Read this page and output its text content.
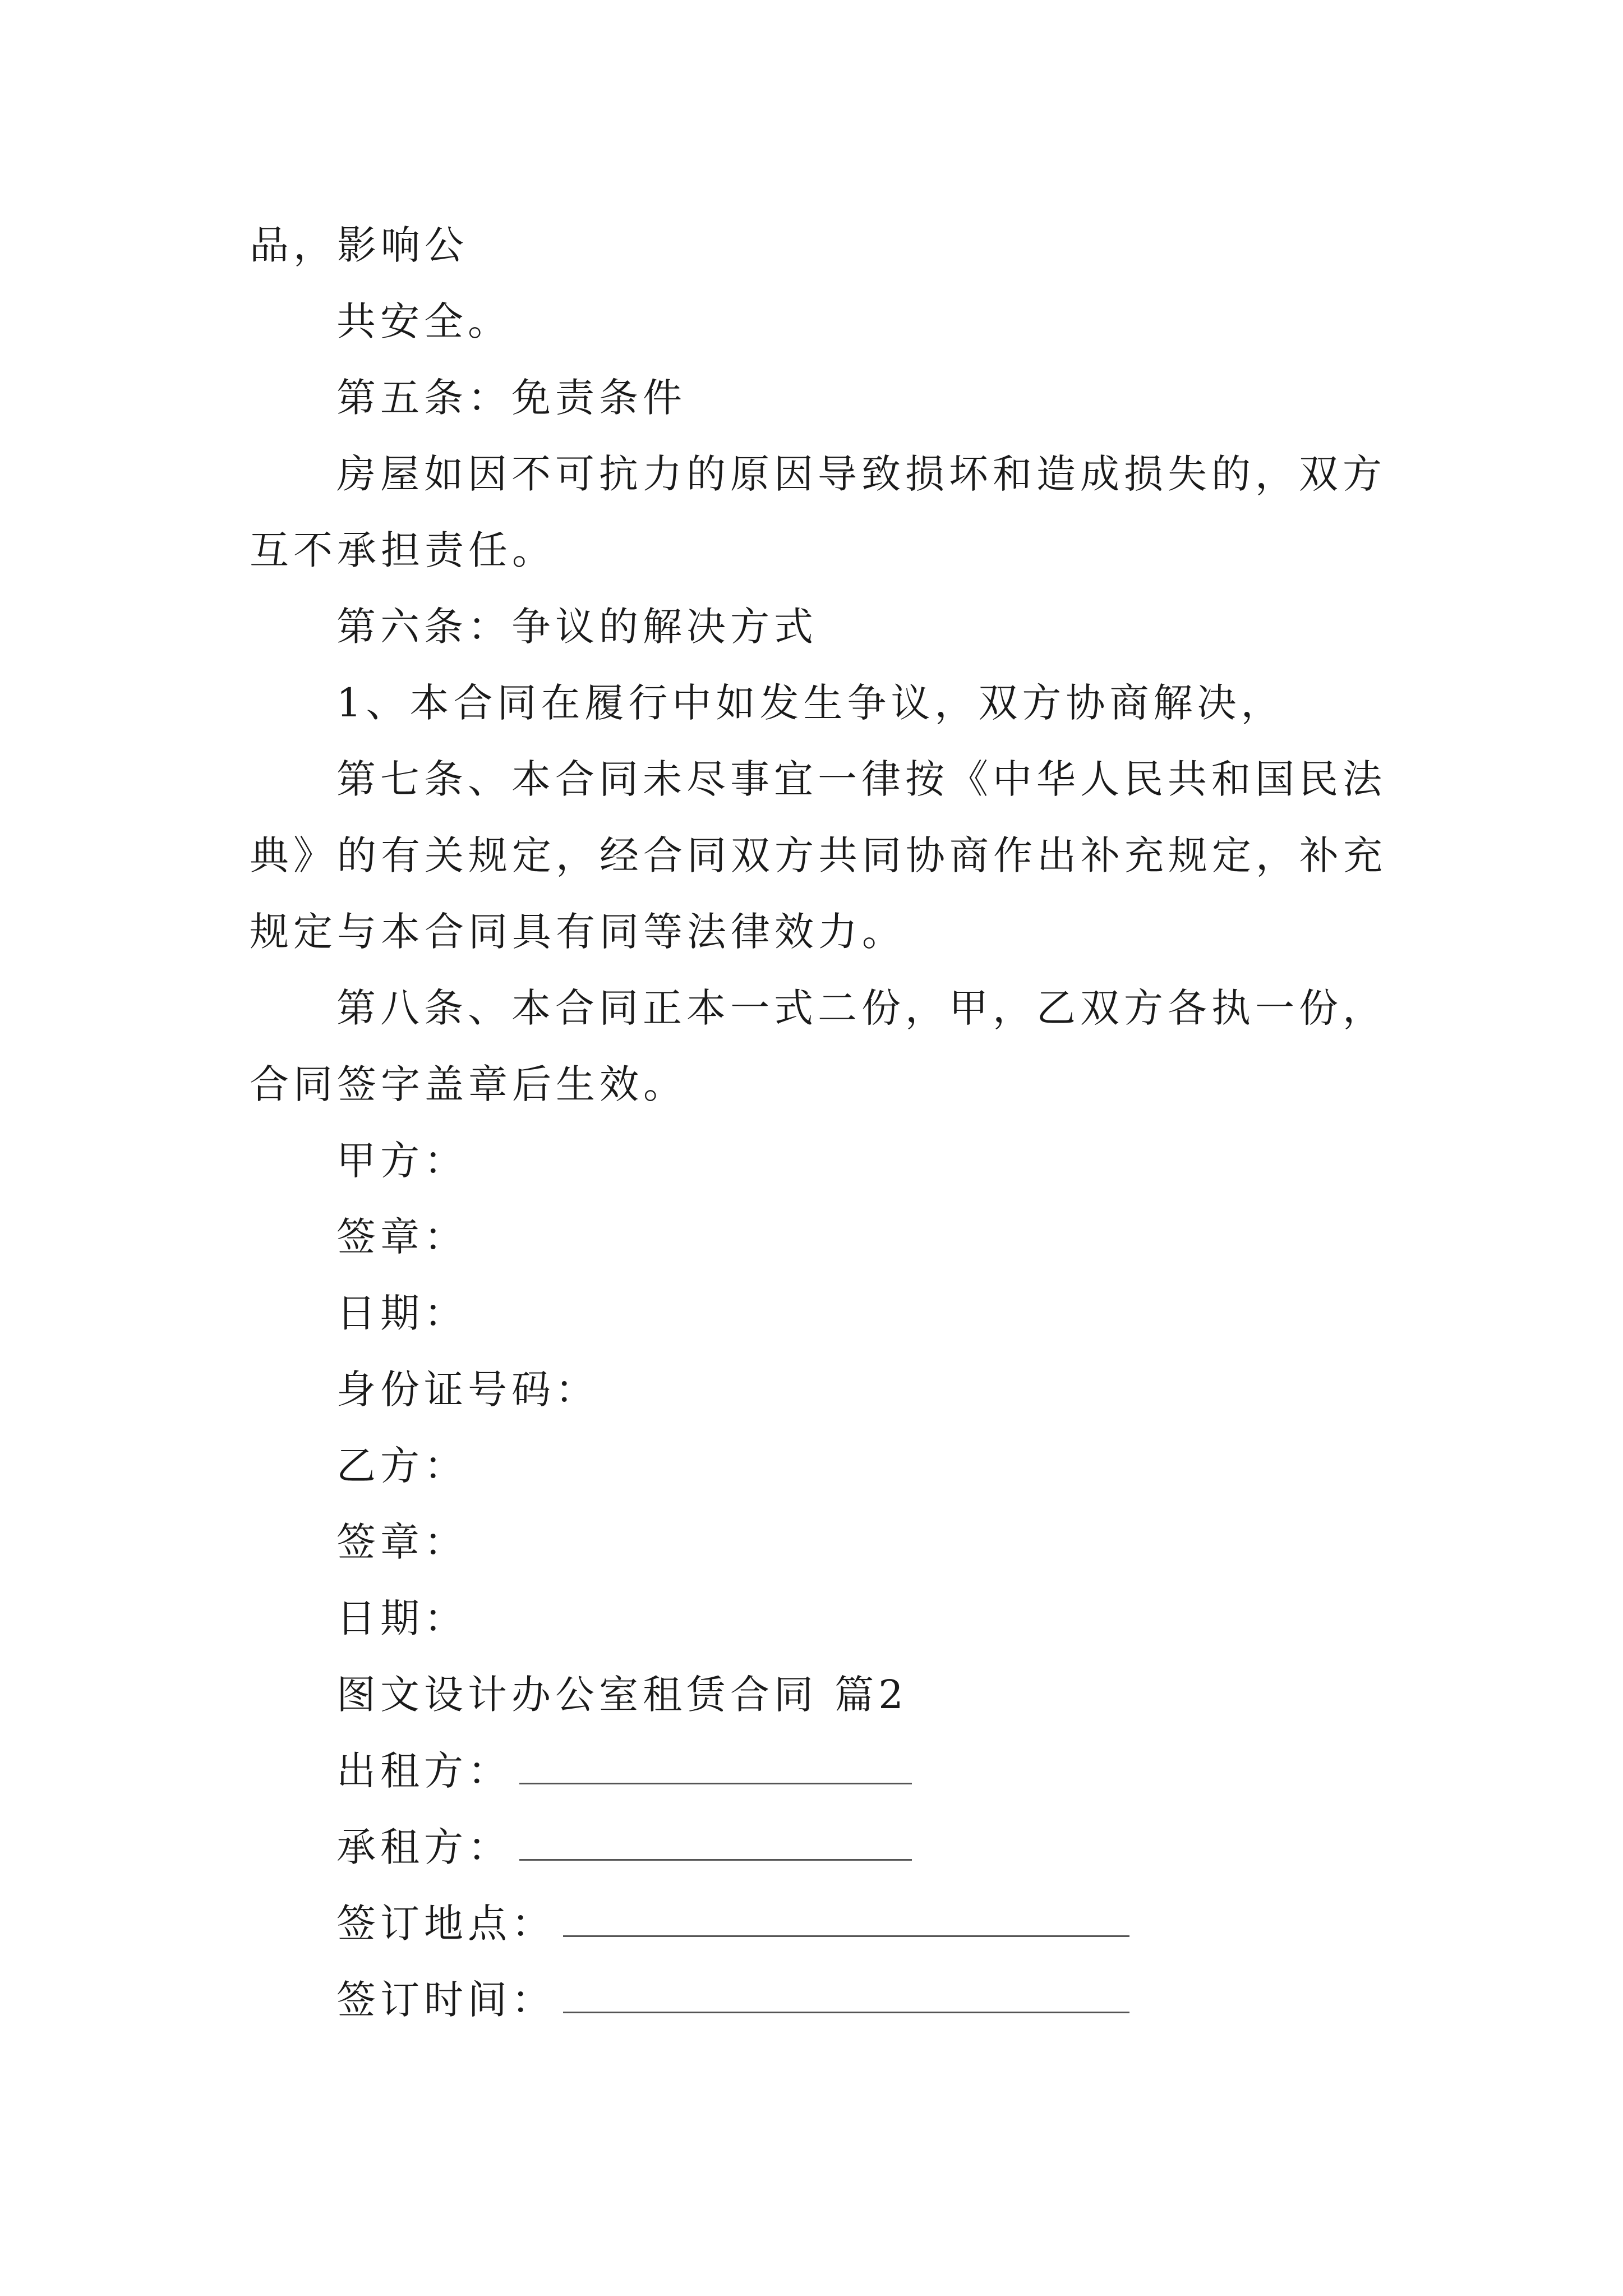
品，影响公
共安全。
第五条：免责条件
房屋如因不可抗力的原因导致损坏和造成损失的，双方
互不承担责任。
第六条：争议的解决方式
1、本合同在履行中如发生争议，双方协商解决，
第七条、本合同未尽事宜一律按《中华人民共和国民法
典》的有关规定，经合同双方共同协商作出补充规定，补充
规定与本合同具有同等法律效力。
第八条、本合同正本一式二份，甲，乙双方各执一份，
合同签字盖章后生效。
甲方：
签章：
日期：
身份证号码：
乙方：
签章：
日期：
图文设计办公室租赁合同 篇2
出租方：
承租方：
签订地点：
签订时间：
